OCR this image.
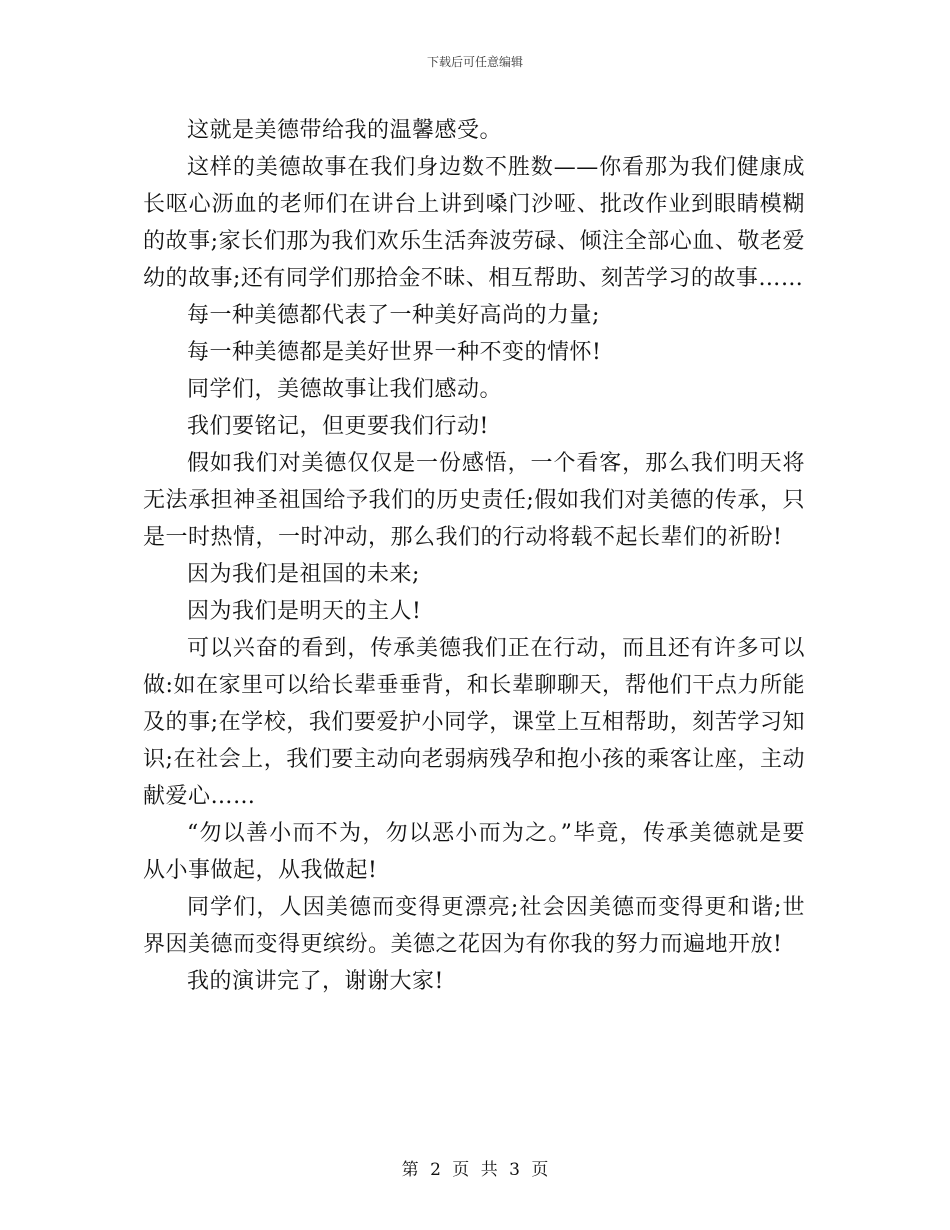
下载后可任意编辑

这就是美德带给我的温馨感受。

这样的美德故事在我们身边数不胜数——你看那为我们健康成长呕心沥血的老师们在讲台上讲到嗓门沙哑、批改作业到眼睛模糊的故事;家长们那为我们欢乐生活奔波劳碌、倾注全部心血、敬老爱幼的故事;还有同学们那拾金不昧、相互帮助、刻苦学习的故事……

每一种美德都代表了一种美好高尚的力量;

每一种美德都是美好世界一种不变的情怀!

同学们，美德故事让我们感动。

我们要铭记，但更要我们行动!

假如我们对美德仅仅是一份感悟，一个看客，那么我们明天将无法承担神圣祖国给予我们的历史责任;假如我们对美德的传承，只是一时热情，一时冲动，那么我们的行动将载不起长辈们的祈盼!

因为我们是祖国的未来;

因为我们是明天的主人!

可以兴奋的看到，传承美德我们正在行动，而且还有许多可以做:如在家里可以给长辈垂垂背，和长辈聊聊天，帮他们干点力所能及的事;在学校，我们要爱护小同学，课堂上互相帮助，刻苦学习知识;在社会上，我们要主动向老弱病残孕和抱小孩的乘客让座，主动献爱心……

“勿以善小而不为，勿以恶小而为之。”毕竟，传承美德就是要从小事做起，从我做起!

同学们，人因美德而变得更漂亮;社会因美德而变得更和谐;世界因美德而变得更缤纷。美德之花因为有你我的努力而遍地开放!

我的演讲完了，谢谢大家!

第 2 页 共 3 页
